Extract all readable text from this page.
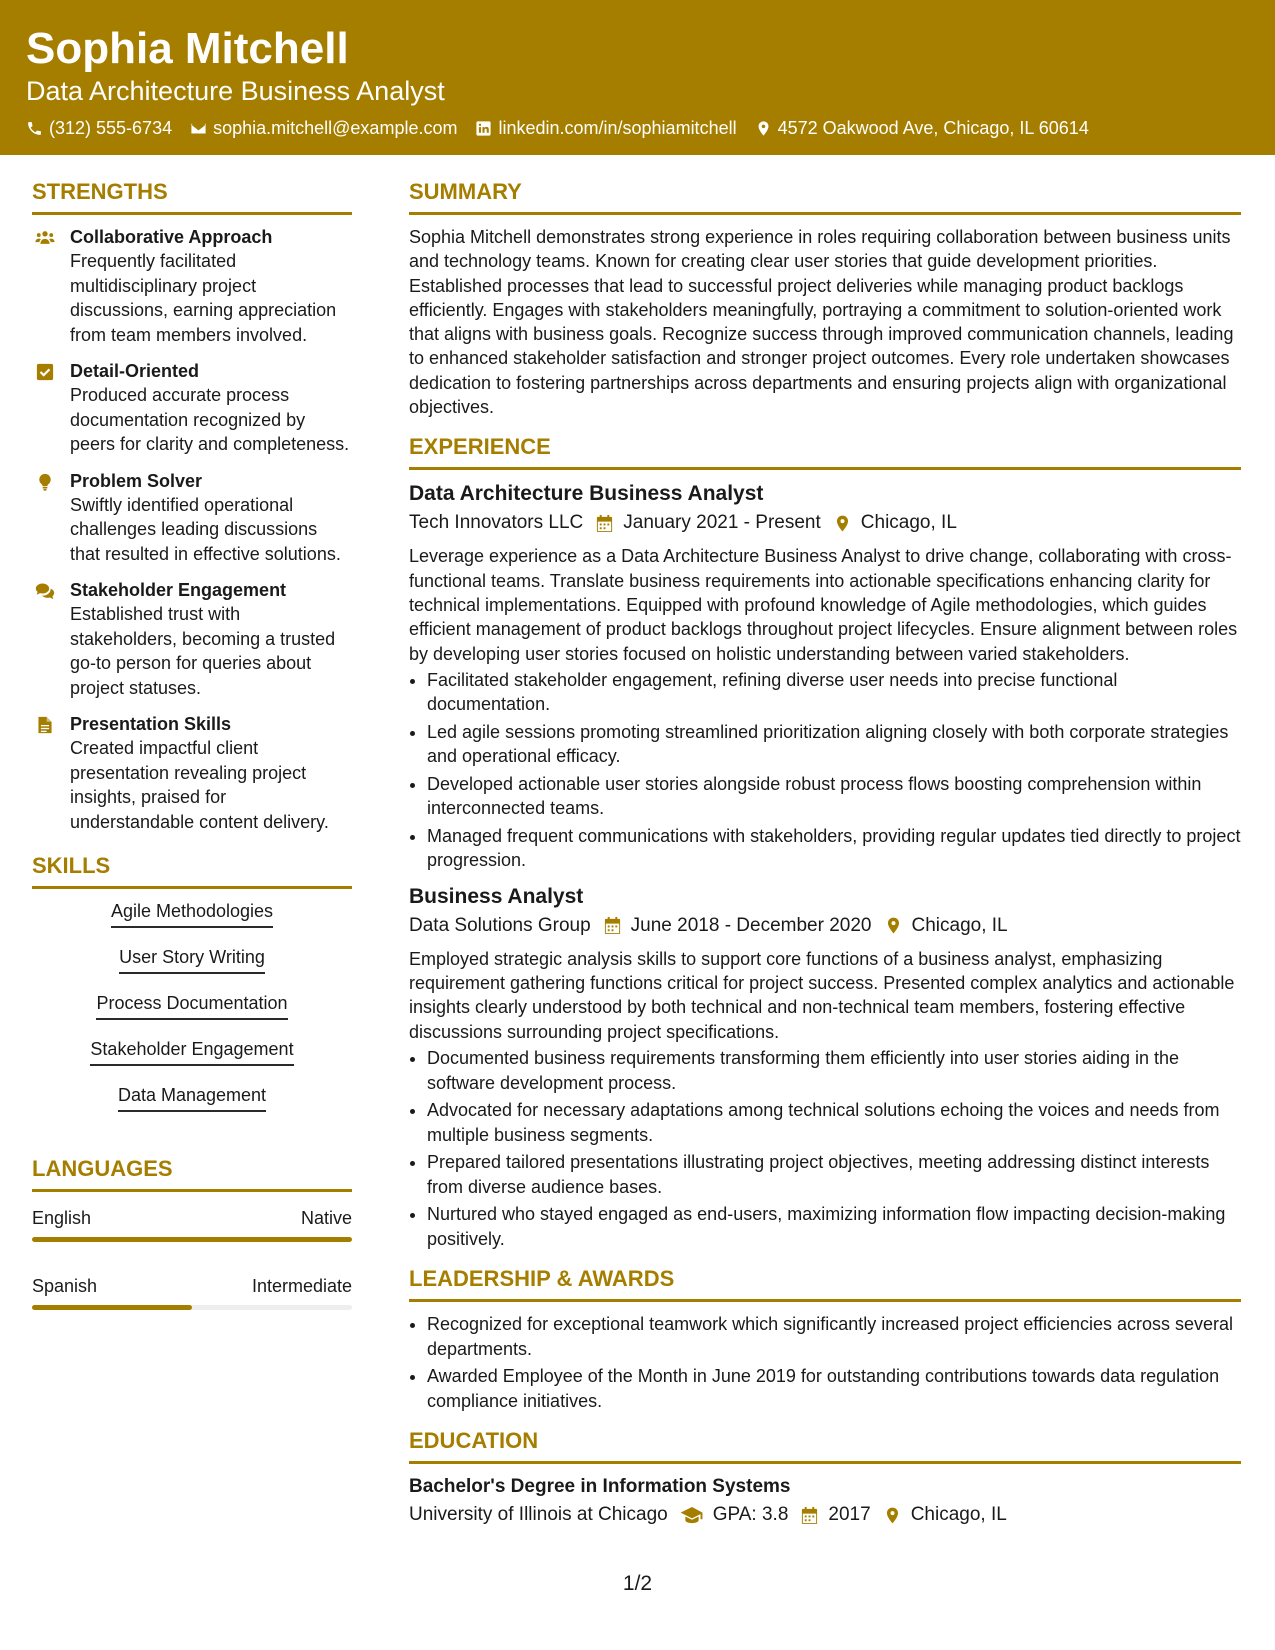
Sophia Mitchell
Data Architecture Business Analyst
(312) 555-6734 sophia.mitchell@example.com linkedin.com/in/sophiamitchell 4572 Oakwood Ave, Chicago, IL 60614
STRENGTHS
Collaborative Approach
Frequently facilitated multidisciplinary project discussions, earning appreciation from team members involved.
Detail-Oriented
Produced accurate process documentation recognized by peers for clarity and completeness.
Problem Solver
Swiftly identified operational challenges leading discussions that resulted in effective solutions.
Stakeholder Engagement
Established trust with stakeholders, becoming a trusted go-to person for queries about project statuses.
Presentation Skills
Created impactful client presentation revealing project insights, praised for understandable content delivery.
SKILLS
Agile Methodologies
User Story Writing
Process Documentation
Stakeholder Engagement
Data Management
LANGUAGES
English	Native
Spanish	Intermediate
SUMMARY
Sophia Mitchell demonstrates strong experience in roles requiring collaboration between business units and technology teams. Known for creating clear user stories that guide development priorities. Established processes that lead to successful project deliveries while managing product backlogs efficiently. Engages with stakeholders meaningfully, portraying a commitment to solution-oriented work that aligns with business goals. Recognize success through improved communication channels, leading to enhanced stakeholder satisfaction and stronger project outcomes. Every role undertaken showcases dedication to fostering partnerships across departments and ensuring projects align with organizational objectives.
EXPERIENCE
Data Architecture Business Analyst
Tech Innovators LLC January 2021 - Present Chicago, IL
Leverage experience as a Data Architecture Business Analyst to drive change, collaborating with cross-functional teams. Translate business requirements into actionable specifications enhancing clarity for technical implementations. Equipped with profound knowledge of Agile methodologies, which guides efficient management of product backlogs throughout project lifecycles. Ensure alignment between roles by developing user stories focused on holistic understanding between varied stakeholders.
• Facilitated stakeholder engagement, refining diverse user needs into precise functional documentation.
• Led agile sessions promoting streamlined prioritization aligning closely with both corporate strategies and operational efficacy.
• Developed actionable user stories alongside robust process flows boosting comprehension within interconnected teams.
• Managed frequent communications with stakeholders, providing regular updates tied directly to project progression.
Business Analyst
Data Solutions Group June 2018 - December 2020 Chicago, IL
Employed strategic analysis skills to support core functions of a business analyst, emphasizing requirement gathering functions critical for project success. Presented complex analytics and actionable insights clearly understood by both technical and non-technical team members, fostering effective discussions surrounding project specifications.
• Documented business requirements transforming them efficiently into user stories aiding in the software development process.
• Advocated for necessary adaptations among technical solutions echoing the voices and needs from multiple business segments.
• Prepared tailored presentations illustrating project objectives, meeting addressing distinct interests from diverse audience bases.
• Nurtured who stayed engaged as end-users, maximizing information flow impacting decision-making positively.
LEADERSHIP & AWARDS
• Recognized for exceptional teamwork which significantly increased project efficiencies across several departments.
• Awarded Employee of the Month in June 2019 for outstanding contributions towards data regulation compliance initiatives.
EDUCATION
Bachelor's Degree in Information Systems
University of Illinois at Chicago GPA: 3.8 2017 Chicago, IL
1/2
